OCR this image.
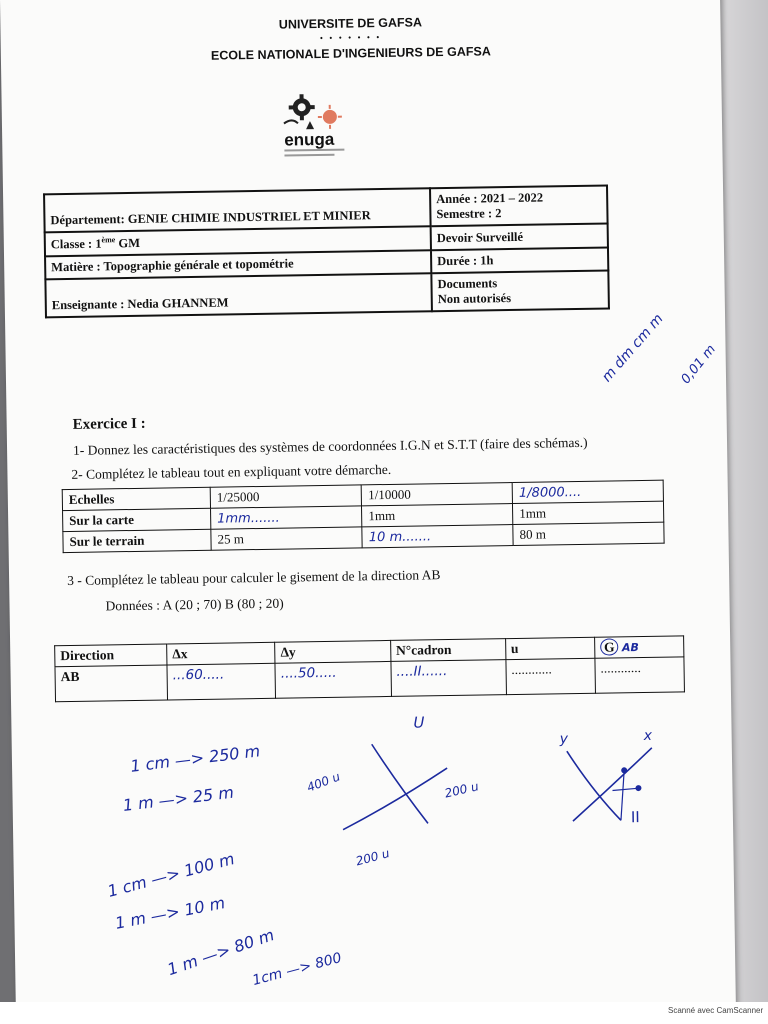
UNIVERSITE DE GAFSA
• • • • • • •
ECOLE NATIONALE D'INGENIEURS DE GAFSA
enuga
Département: GENIE CHIMIE INDUSTRIEL ET MINIER	Année : 2021 – 2022
Semestre : 2

Classe : 1ème GM	Devoir Surveillé
Matière : Topographie générale et topométrie	Durée : 1h
Enseignante : Nedia GHANNEM	Documents
Non autorisés
Exercice I :
1- Donnez les caractéristiques des systèmes de coordonnées I.G.N et S.T.T (faire des schémas.)
2- Complétez le tableau tout en expliquant votre démarche.
Echelles	1/25000	1/10000	1/8000....
Sur la carte	1mm.......	1mm	1mm
Sur le terrain	25 m	10 m.......	80 m
3 - Complétez le tableau pour calculer le gisement de la direction AB
Données : A (20 ; 70) B (80 ; 20)
Direction	Δx	Δy	N°cadron	u	G AB
AB	...60.....	....50.....	....II......	............	............
1 cm —> 250 m
1 m —> 25 m
1 cm —> 100 m
1 m —> 10 m
1 m —> 80 m
1cm —> 800
m dm cm m 0,01 m
U
400 u	200 u
200 u
y	x
II
Scanné avec CamScanner
